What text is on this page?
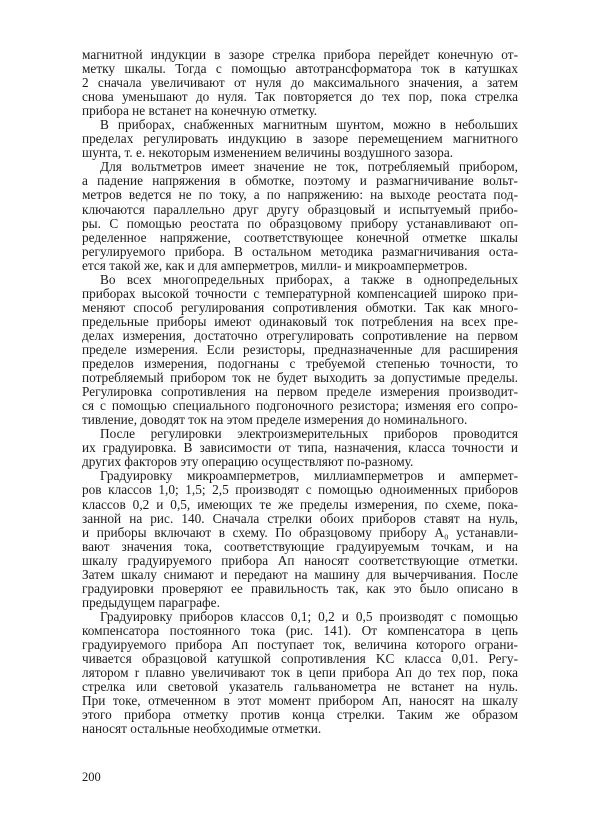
магнитной индукции в зазоре стрелка прибора перейдет конечную от-
метку шкалы. Тогда с помощью автотрансформатора ток в катушках
2 сначала увеличивают от нуля до максимального значения, а затем
снова уменьшают до нуля. Так повторяется до тех пор, пока стрелка
прибора не встанет на конечную отметку.
В приборах, снабженных магнитным шунтом, можно в небольших
пределах регулировать индукцию в зазоре перемещением магнитного
шунта, т. е. некоторым изменением величины воздушного зазора.
Для вольтметров имеет значение не ток, потребляемый прибором,
а падение напряжения в обмотке, поэтому и размагничивание вольт-
метров ведется не по току, а по напряжению: на выходе реостата под-
ключаются параллельно друг другу образцовый и испытуемый прибо-
ры. С помощью реостата по образцовому прибору устанавливают оп-
ределенное напряжение, соответствующее конечной отметке шкалы
регулируемого прибора. В остальном методика размагничивания оста-
ется такой же, как и для амперметров, милли- и микроамперметров.
Во всех многопредельных приборах, а также в однопредельных
приборах высокой точности с температурной компенсацией широко при-
меняют способ регулирования сопротивления обмотки. Так как много-
предельные приборы имеют одинаковый ток потребления на всех пре-
делах измерения, достаточно отрегулировать сопротивление на первом
пределе измерения. Если резисторы, предназначенные для расширения
пределов измерения, подогнаны с требуемой степенью точности, то
потребляемый прибором ток не будет выходить за допустимые пределы.
Регулировка сопротивления на первом пределе измерения производит-
ся с помощью специального подгоночного резистора; изменяя его сопро-
тивление, доводят ток на этом пределе измерения до номинального.
После регулировки электроизмерительных приборов проводится
их градуировка. В зависимости от типа, назначения, класса точности и
других факторов эту операцию осуществляют по-разному.
Градуировку микроамперметров, миллиамперметров и ампермет-
ров классов 1,0; 1,5; 2,5 производят с помощью одноименных приборов
классов 0,2 и 0,5, имеющих те же пределы измерения, по схеме, пока-
занной на рис. 140. Сначала стрелки обоих приборов ставят на нуль,
и приборы включают в схему. По образцовому прибору A₀ устанавли-
вают значения тока, соответствующие градуируемым точкам, и на
шкалу градуируемого прибора Aп наносят соответствующие отметки.
Затем шкалу снимают и передают на машину для вычерчивания. После
градуировки проверяют ее правильность так, как это было описано в
предыдущем параграфе.
Градуировку приборов классов 0,1; 0,2 и 0,5 производят с помощью
компенсатора постоянного тока (рис. 141). От компенсатора в цепь
градуируемого прибора Aп поступает ток, величина которого ограни-
чивается образцовой катушкой сопротивления KC класса 0,01. Регу-
лятором r плавно увеличивают ток в цепи прибора Aп до тех пор, пока
стрелка или световой указатель гальванометра не встанет на нуль.
При токе, отмеченном в этот момент прибором Aп, наносят на шкалу
этого прибора отметку против конца стрелки. Таким же образом
наносят остальные необходимые отметки.
200
